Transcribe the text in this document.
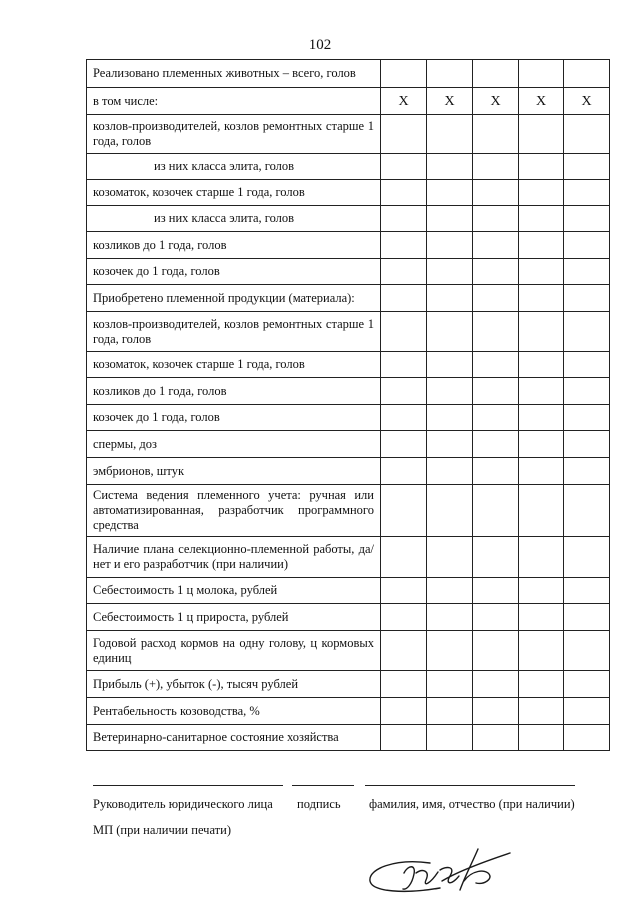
102
Реализовано племенных животных – всего, голов					
в том числе:	Х	Х	Х	Х	Х
козлов-производителей, козлов ремонтных старше 1 года, голов					
из них класса элита, голов					
козоматок, козочек старше 1 года, голов					
из них класса элита, голов					
козликов до 1 года, голов					
козочек до 1 года, голов					
Приобретено племенной продукции (материала):					
козлов-производителей, козлов ремонтных старше 1 года, голов					
козоматок, козочек старше 1 года, голов					
козликов до 1 года, голов					
козочек до 1 года, голов					
спермы, доз					
эмбрионов, штук					
Система ведения племенного учета: ручная или автоматизированная, разработчик программного средства					
Наличие плана селекционно-племенной работы, да/нет и его разработчик (при наличии)					
Себестоимость 1 ц молока, рублей					
Себестоимость 1 ц прироста, рублей					
Годовой расход кормов на одну голову, ц кормовых единиц					
Прибыль (+), убыток (-), тысяч рублей					
Рентабельность козоводства, %					
Ветеринарно-санитарное состояние хозяйства					
Руководитель юридического лица подпись фамилия, имя, отчество (при наличии)
МП (при наличии печати)
